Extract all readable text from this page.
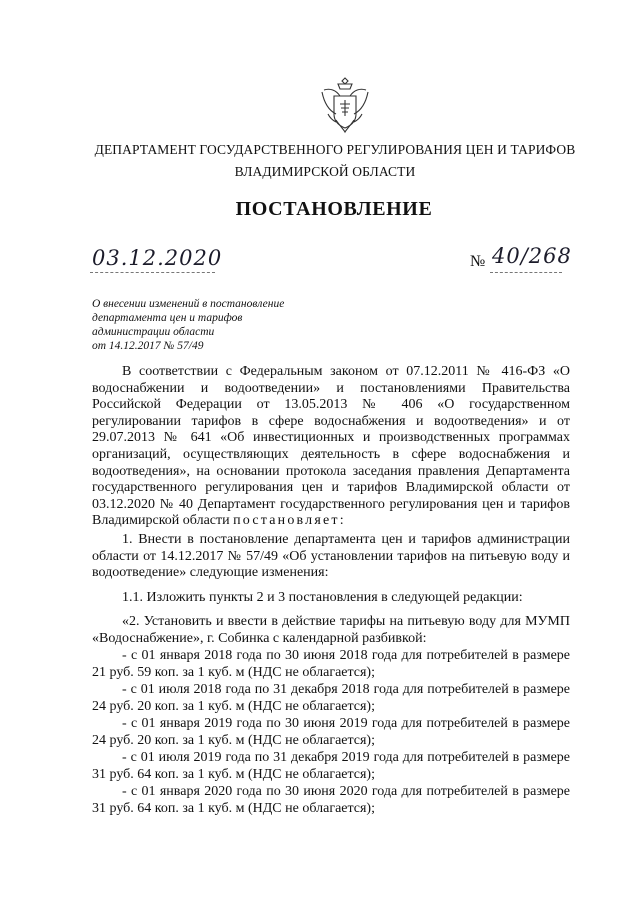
ДЕПАРТАМЕНТ ГОСУДАРСТВЕННОГО РЕГУЛИРОВАНИЯ ЦЕН И ТАРИФОВ
ВЛАДИМИРСКОЙ ОБЛАСТИ
ПОСТАНОВЛЕНИЕ
03.12.2020	№ 40/268
О внесении изменений в постановление
департамента цен и тарифов
администрации области
от 14.12.2017 № 57/49
В соответствии с Федеральным законом от 07.12.2011 № 416-ФЗ «О водоснабжении и водоотведении» и постановлениями Правительства Российской Федерации от 13.05.2013 № 406 «О государственном регулировании тарифов в сфере водоснабжения и водоотведения» и от 29.07.2013 № 641 «Об инвестиционных и производственных программах организаций, осуществляющих деятельность в сфере водоснабжения и водоотведения», на основании протокола заседания правления Департамента государственного регулирования цен и тарифов Владимирской области от 03.12.2020 № 40 Департамент государственного регулирования цен и тарифов Владимирской области постановляет:
1. Внести в постановление департамента цен и тарифов администрации области от 14.12.2017 № 57/49 «Об установлении тарифов на питьевую воду и водоотведение» следующие изменения:
1.1. Изложить пункты 2 и 3 постановления в следующей редакции:
«2. Установить и ввести в действие тарифы на питьевую воду для МУМП «Водоснабжение», г. Собинка с календарной разбивкой:
- с 01 января 2018 года по 30 июня 2018 года для потребителей в размере 21 руб. 59 коп. за 1 куб. м (НДС не облагается);
- с 01 июля 2018 года по 31 декабря 2018 года для потребителей в размере 24 руб. 20 коп. за 1 куб. м (НДС не облагается);
- с 01 января 2019 года по 30 июня 2019 года для потребителей в размере 24 руб. 20 коп. за 1 куб. м (НДС не облагается);
- с 01 июля 2019 года по 31 декабря 2019 года для потребителей в размере 31 руб. 64 коп. за 1 куб. м (НДС не облагается);
- с 01 января 2020 года по 30 июня 2020 года для потребителей в размере 31 руб. 64 коп. за 1 куб. м (НДС не облагается);
